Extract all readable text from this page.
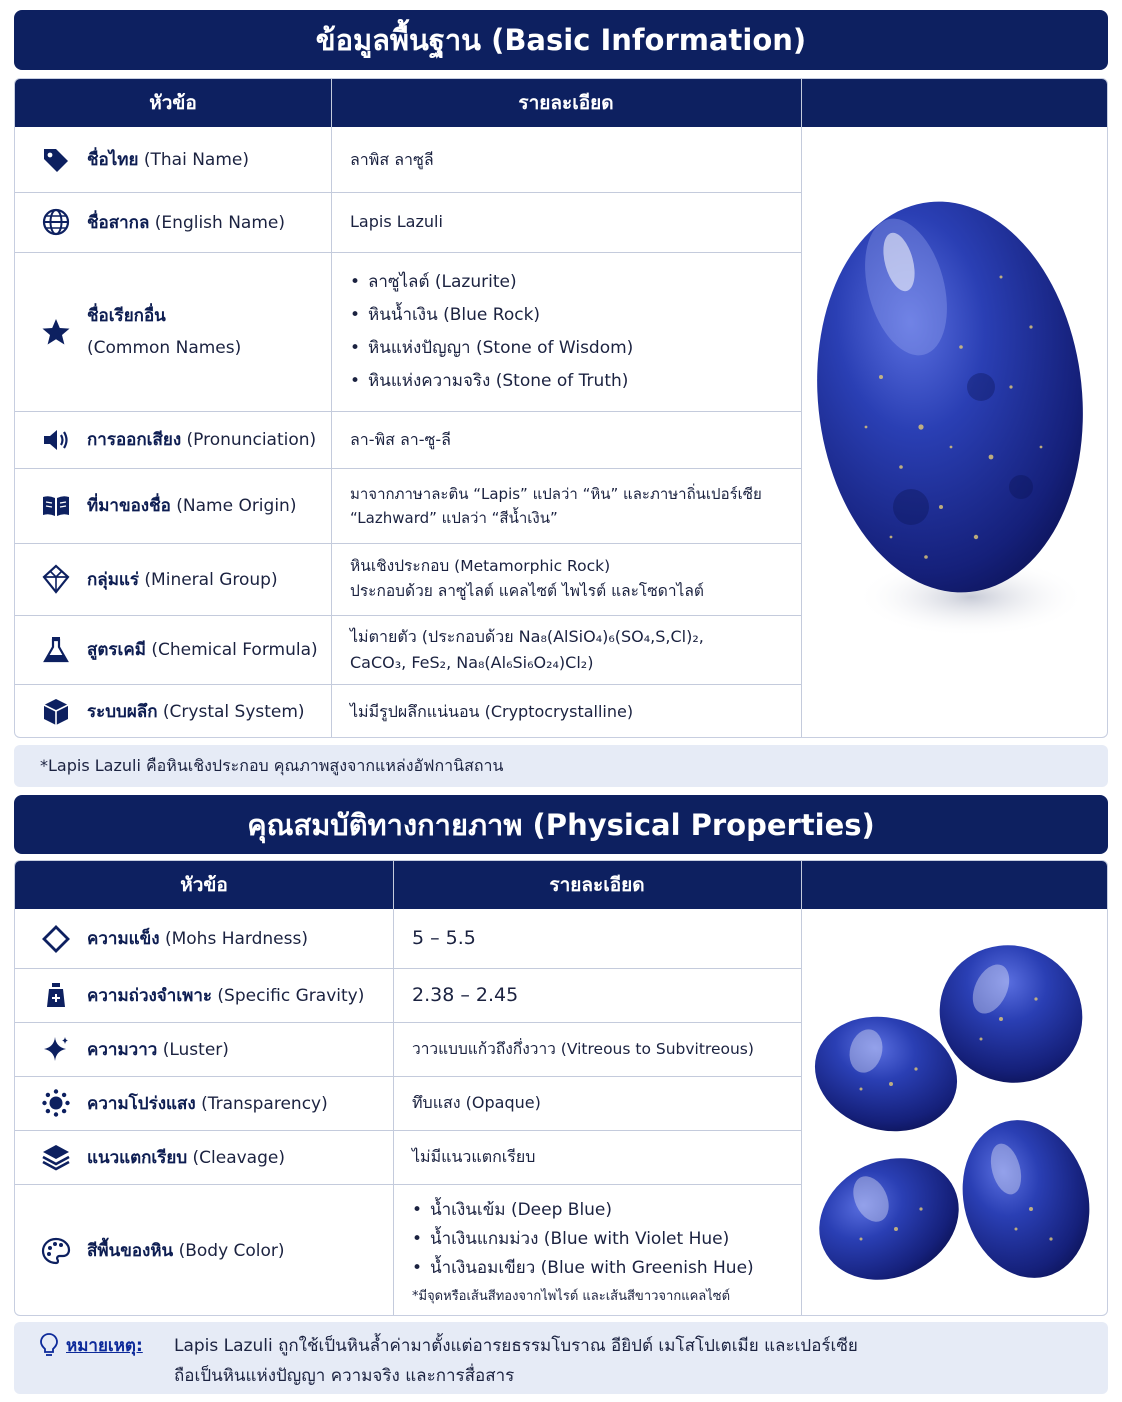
ข้อมูลพื้นฐาน (Basic Information)
หัวข้อ	รายละเอียด
ชื่อไทย (Thai Name)	ลาพิส ลาซูลี
ชื่อสากล (English Name)	Lapis Lazuli
ชื่อเรียกอื่น
(Common Names)
• ลาซูไลต์ (Lazurite)
• หินน้ำเงิน (Blue Rock)
• หินแห่งปัญญา (Stone of Wisdom)
• หินแห่งความจริง (Stone of Truth)
การออกเสียง (Pronunciation) ลา-พิส ลา-ซู-ลี
ที่มาของชื่อ (Name Origin)
มาจากภาษาละติน “Lapis” แปลว่า “หิน” และภาษาถิ่นเปอร์เซีย
“Lazhward” แปลว่า “สีน้ำเงิน”
กลุ่มแร่ (Mineral Group)
หินเชิงประกอบ (Metamorphic Rock)
ประกอบด้วย ลาซูไลต์ แคลไซต์ ไพไรต์ และโซดาไลต์
สูตรเคมี (Chemical Formula)
ไม่ตายตัว (ประกอบด้วย Na₈(AlSiO₄)₆(SO₄,S,Cl)₂,
CaCO₃, FeS₂, Na₈(Al₆Si₆O₂₄)Cl₂)
ระบบผลึก (Crystal System)	ไม่มีรูปผลึกแน่นอน (Cryptocrystalline)
*Lapis Lazuli คือหินเชิงประกอบ คุณภาพสูงจากแหล่งอัฟกานิสถาน
คุณสมบัติทางกายภาพ (Physical Properties)
หัวข้อ	รายละเอียด
ความแข็ง (Mohs Hardness)	5 – 5.5
ความถ่วงจำเพาะ (Specific Gravity)	2.38 – 2.45
ความวาว (Luster)	วาวแบบแก้วถึงกึ่งวาว (Vitreous to Subvitreous)
ความโปร่งแสง (Transparency)	ทึบแสง (Opaque)
แนวแตกเรียบ (Cleavage)	ไม่มีแนวแตกเรียบ
สีพื้นของหิน (Body Color)
• น้ำเงินเข้ม (Deep Blue)
• น้ำเงินแกมม่วง (Blue with Violet Hue)
• น้ำเงินอมเขียว (Blue with Greenish Hue)
*มีจุดหรือเส้นสีทองจากไพไรต์ และเส้นสีขาวจากแคลไซต์
หมายเหตุ: Lapis Lazuli ถูกใช้เป็นหินล้ำค่ามาตั้งแต่อารยธรรมโบราณ อียิปต์ เมโสโปเตเมีย และเปอร์เซีย
ถือเป็นหินแห่งปัญญา ความจริง และการสื่อสาร
